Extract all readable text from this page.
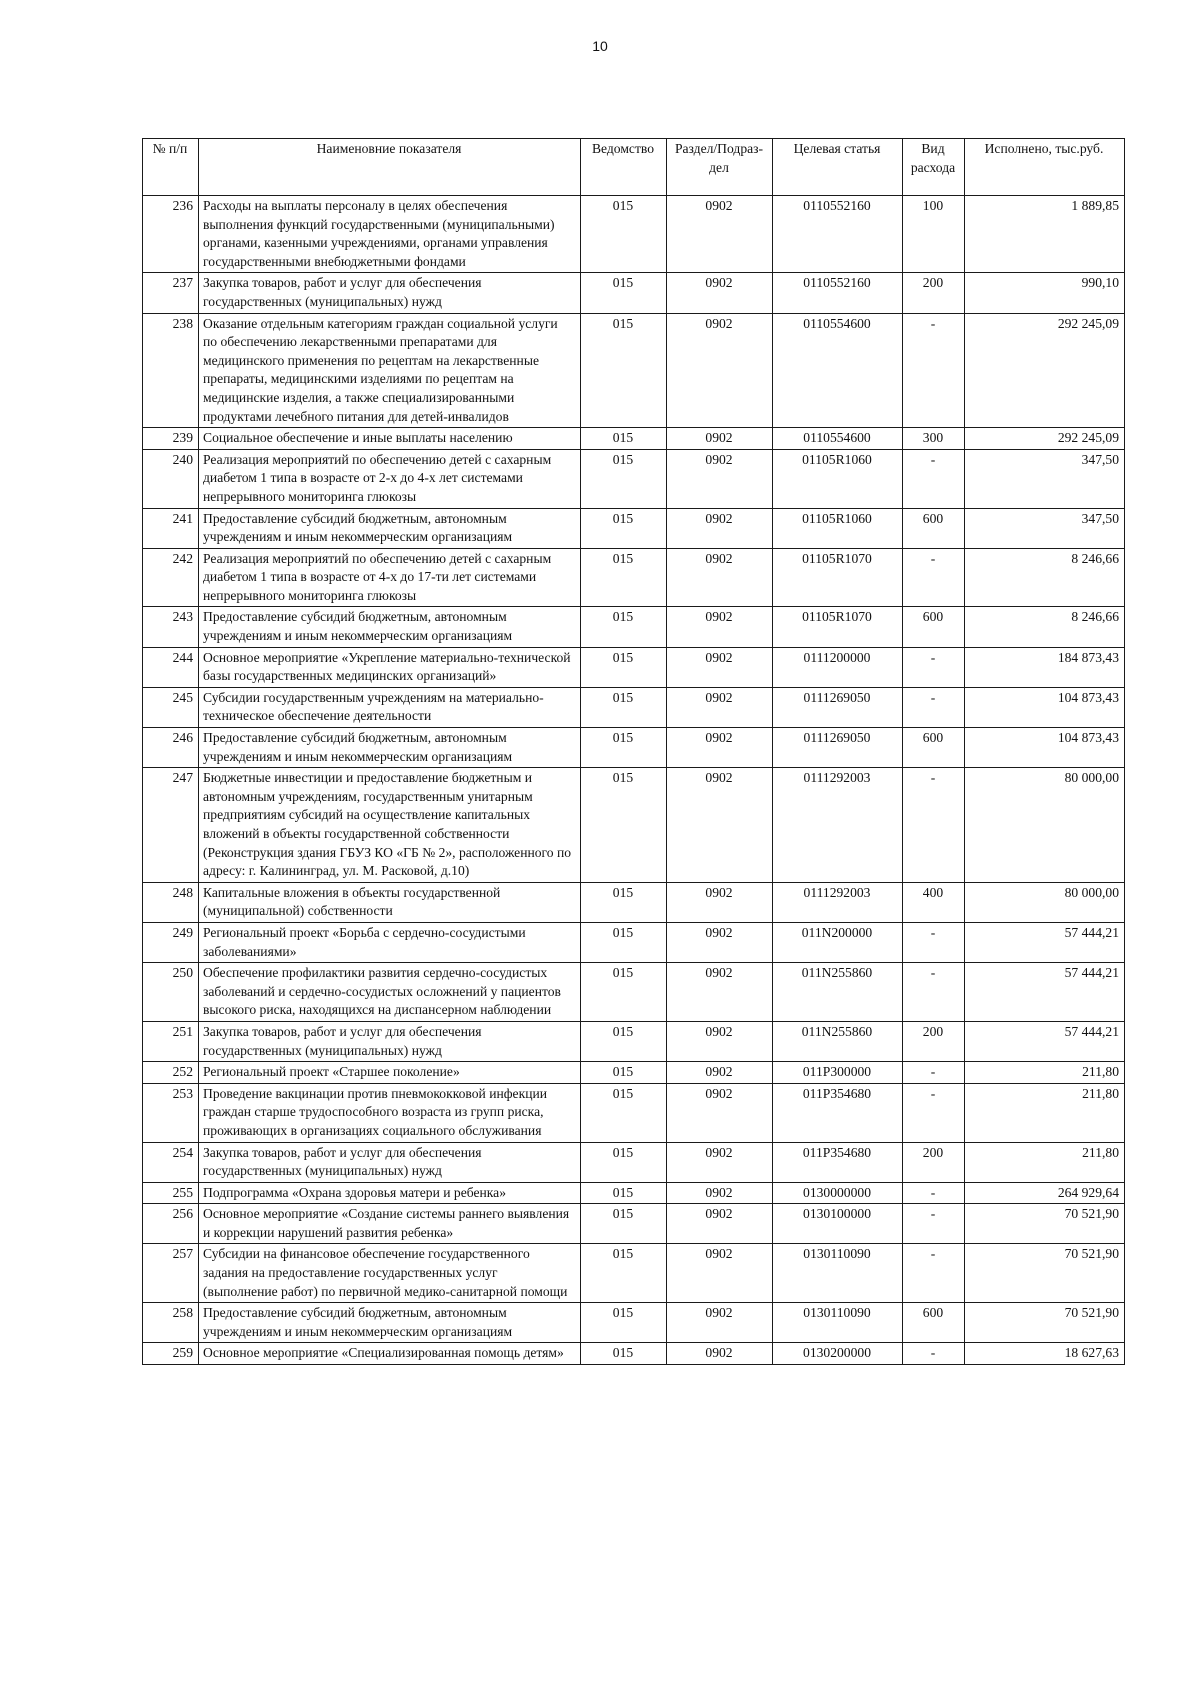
10
№ п/п	Наименовние показателя	Ведомство	Раздел/Подраз-дел	Целевая статья	Вид расхода	Исполнено, тыс.руб.
236	Расходы на выплаты персоналу в целях обеспечения выполнения функций государственными (муниципальными) органами, казенными учреждениями, органами управления государственными внебюджетными фондами	015	0902	0110552160	100	1 889,85
237	Закупка товаров, работ и услуг для обеспечения государственных (муниципальных) нужд	015	0902	0110552160	200	990,10
238	Оказание отдельным категориям граждан социальной услуги по обеспечению лекарственными препаратами для медицинского применения по рецептам на лекарственные препараты, медицинскими изделиями по рецептам на медицинские изделия, а также специализированными продуктами лечебного питания для детей-инвалидов	015	0902	0110554600	-	292 245,09
239	Социальное обеспечение и иные выплаты населению	015	0902	0110554600	300	292 245,09
240	Реализация мероприятий по обеспечению детей с сахарным диабетом 1 типа в возрасте от 2-х до 4-х лет системами непрерывного мониторинга глюкозы	015	0902	01105R1060	-	347,50
241	Предоставление субсидий бюджетным, автономным учреждениям и иным некоммерческим организациям	015	0902	01105R1060	600	347,50
242	Реализация мероприятий по обеспечению детей с сахарным диабетом 1 типа в возрасте от 4-х до 17-ти лет системами непрерывного мониторинга глюкозы	015	0902	01105R1070	-	8 246,66
243	Предоставление субсидий бюджетным, автономным учреждениям и иным некоммерческим организациям	015	0902	01105R1070	600	8 246,66
244	Основное мероприятие «Укрепление материально-технической базы государственных медицинских организаций»	015	0902	0111200000	-	184 873,43
245	Субсидии государственным учреждениям на материально-техническое обеспечение деятельности	015	0902	0111269050	-	104 873,43
246	Предоставление субсидий бюджетным, автономным учреждениям и иным некоммерческим организациям	015	0902	0111269050	600	104 873,43
247	Бюджетные инвестиции и предоставление бюджетным и автономным учреждениям, государственным унитарным предприятиям субсидий на осуществление капитальных вложений в объекты государственной собственности (Реконструкция здания ГБУЗ КО «ГБ № 2», расположенного по адресу: г. Калининград, ул. М. Расковой, д.10)	015	0902	0111292003	-	80 000,00
248	Капитальные вложения в объекты государственной (муниципальной) собственности	015	0902	0111292003	400	80 000,00
249	Региональный проект «Борьба с сердечно-сосудистыми заболеваниями»	015	0902	011N200000	-	57 444,21
250	Обеспечение профилактики развития сердечно-сосудистых заболеваний и сердечно-сосудистых осложнений у пациентов высокого риска, находящихся на диспансерном наблюдении	015	0902	011N255860	-	57 444,21
251	Закупка товаров, работ и услуг для обеспечения государственных (муниципальных) нужд	015	0902	011N255860	200	57 444,21
252	Региональный проект «Старшее поколение»	015	0902	011P300000	-	211,80
253	Проведение вакцинации против пневмококковой инфекции граждан старше трудоспособного возраста из групп риска, проживающих в организациях социального обслуживания	015	0902	011P354680	-	211,80
254	Закупка товаров, работ и услуг для обеспечения государственных (муниципальных) нужд	015	0902	011P354680	200	211,80
255	Подпрограмма «Охрана здоровья матери и ребенка»	015	0902	0130000000	-	264 929,64
256	Основное мероприятие «Создание системы раннего выявления и коррекции нарушений развития ребенка»	015	0902	0130100000	-	70 521,90
257	Субсидии на финансовое обеспечение государственного задания на предоставление государственных услуг (выполнение работ) по первичной медико-санитарной помощи	015	0902	0130110090	-	70 521,90
258	Предоставление субсидий бюджетным, автономным учреждениям и иным некоммерческим организациям	015	0902	0130110090	600	70 521,90
259	Основное мероприятие «Специализированная помощь детям»	015	0902	0130200000	-	18 627,63
